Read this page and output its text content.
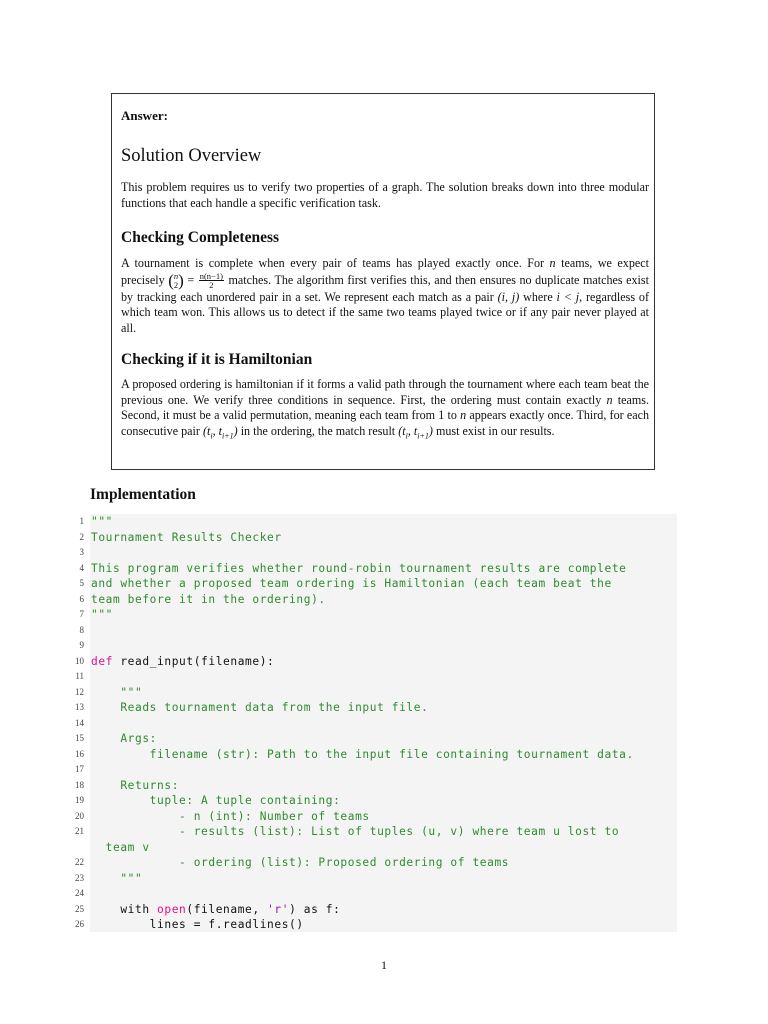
Answer:
Solution Overview

This problem requires us to verify two properties of a graph. The solution breaks down into three modular functions that each handle a specific verification task.

Checking Completeness

A tournament is complete when every pair of teams has played exactly once. For n teams, we expect precisely ( n
2 ) = $\frac{n(n-1)}{2}$ matches. The algorithm first verifies this, and then ensures no duplicate matches exist by tracking each unordered pair in a set. We represent each match as a pair (i, j) where i < j, regardless of which team won. This allows us to detect if the same two teams played twice or if any pair never played at all.

Checking if it is Hamiltonian

A proposed ordering is hamiltonian if it forms a valid path through the tournament where each team beat the previous one. We verify three conditions in sequence. First, the ordering must contain exactly n teams. Second, it must be a valid permutation, meaning each team from 1 to n appears exactly once. Third, for each consecutive pair ($t_i$, $t_{i+1}$) in the ordering, the match result ($t_i$, $t_{i+1}$) must exist in our results.

Implementation
1 """
2 Tournament Results Checker
3
4 This program verifies whether round-robin tournament results are complete
5 and whether a proposed team ordering is Hamiltonian (each team beat the
6 team before it in the ordering).
7 """
8
9
10 def read_input(filename):
11
12 """
13 Reads tournament data from the input file.
14
15 Args:
16 filename (str): Path to the input file containing tournament data.
17
18 Returns:
19 tuple: A tuple containing:
20 - n (int): Number of teams
21 - results (list): List of tuples (u, v) where team u lost to
team v
22 - ordering (list): Proposed ordering of teams
23 """
24
25 with open(filename, 'r') as f:
26 lines = f.readlines()
1
